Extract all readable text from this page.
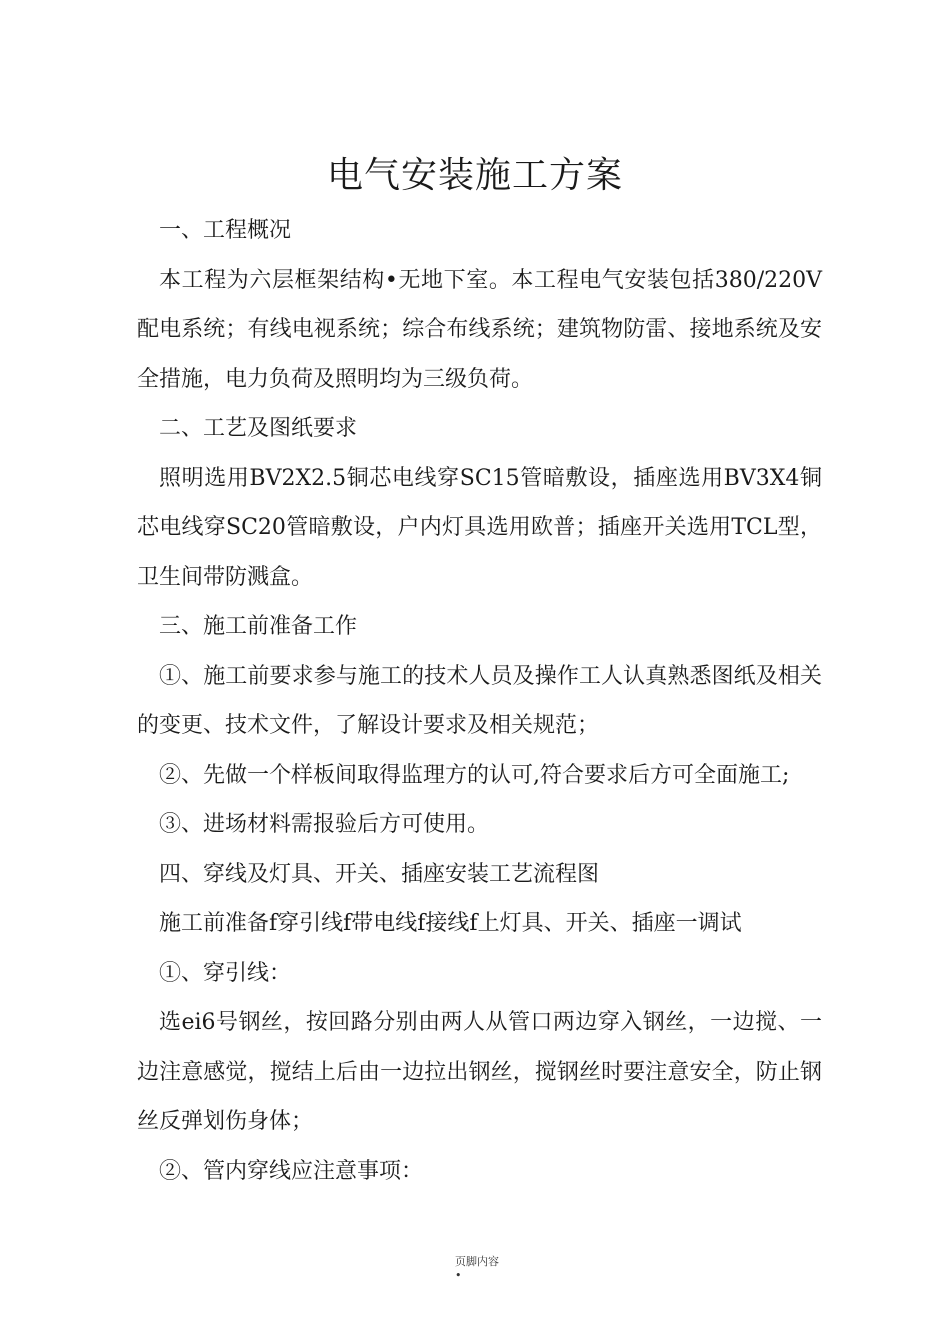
电气安装施工方案

一、工程概况

本工程为六层框架结构•无地下室。本工程电气安装包括380/220V配电系统；有线电视系统；综合布线系统；建筑物防雷、接地系统及安全措施，电力负荷及照明均为三级负荷。

二、工艺及图纸要求

照明选用BV2X2.5铜芯电线穿SC15管暗敷设，插座选用BV3X4铜芯电线穿SC20管暗敷设，户内灯具选用欧普；插座开关选用TCL型，卫生间带防溅盒。

三、施工前准备工作

①、施工前要求参与施工的技术人员及操作工人认真熟悉图纸及相关的变更、技术文件，了解设计要求及相关规范；

②、先做一个样板间取得监理方的认可,符合要求后方可全面施工;

③、进场材料需报验后方可使用。

四、穿线及灯具、开关、插座安装工艺流程图

施工前准备f穿引线f带电线f接线f上灯具、开关、插座一调试

①、穿引线：

选ei6号钢丝，按回路分别由两人从管口两边穿入钢丝，一边搅、一边注意感觉，搅结上后由一边拉出钢丝，搅钢丝时要注意安全，防止钢丝反弹划伤身体；

②、管内穿线应注意事项：

页脚内容•
